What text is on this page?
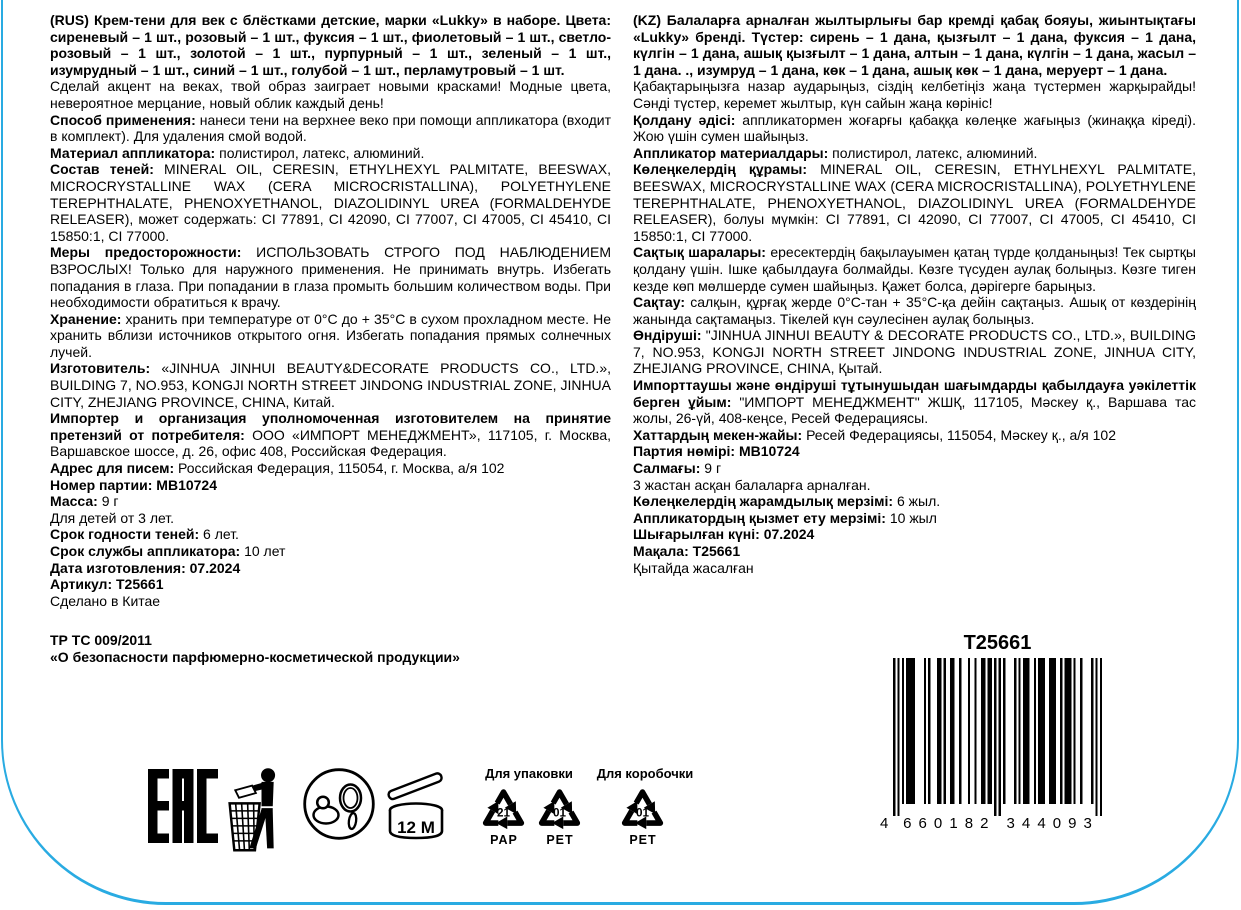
(RUS) Крем-тени для век с блёстками детские, марки «Lukky» в наборе. Цвета: сиреневый – 1 шт., розовый – 1 шт., фуксия – 1 шт., фиолетовый – 1 шт., светло-розовый – 1 шт., золотой – 1 шт., пурпурный – 1 шт., зеленый – 1 шт., изумрудный – 1 шт., синий – 1 шт., голубой – 1 шт., перламутровый – 1 шт.

Сделай акцент на веках, твой образ заиграет новыми красками! Модные цвета, невероятное мерцание, новый облик каждый день!

Способ применения: нанеси тени на верхнее веко при помощи аппликатора (входит в комплект). Для удаления смой водой.

Материал аппликатора: полистирол, латекс, алюминий.

Состав теней: MINERAL OIL, CERESIN, ETHYLHEXYL PALMITATE, BEESWAX, MICROCRYSTALLINE WAX (CERA MICROCRISTALLINA), POLYETHYLENE TEREPHTHALATE, PHENOXYETHANOL, DIAZOLIDINYL UREA (FORMALDEHYDE RELEASER), может содержать: CI 77891, CI 42090, CI 77007, CI 47005, CI 45410, CI 15850:1, CI 77000.

Меры предосторожности: ИСПОЛЬЗОВАТЬ СТРОГО ПОД НАБЛЮДЕНИЕМ ВЗРОСЛЫХ! Только для наружного применения. Не принимать внутрь. Избегать попадания в глаза. При попадании в глаза промыть большим количеством воды. При необходимости обратиться к врачу.

Хранение: хранить при температуре от 0°С до + 35°С в сухом прохладном месте. Не хранить вблизи источников открытого огня. Избегать попадания прямых солнечных лучей.

Изготовитель: «JINHUA JINHUI BEAUTY&DECORATE PRODUCTS CO., LTD.», BUILDING 7, NO.953, KONGJI NORTH STREET JINDONG INDUSTRIAL ZONE, JINHUA CITY, ZHEJIANG PROVINCE, CHINA, Китай.

Импортер и организация уполномоченная изготовителем на принятие претензий от потребителя: ООО «ИМПОРТ МЕНЕДЖМЕНТ», 117105, г. Москва, Варшавское шоссе, д. 26, офис 408, Российская Федерация.

Адрес для писем: Российская Федерация, 115054, г. Москва, а/я 102

Номер партии: MB10724

Масса: 9 г

Для детей от 3 лет.

Срок годности теней: 6 лет.

Срок службы аппликатора: 10 лет

Дата изготовления: 07.2024

Артикул: Т25661

Сделано в Китае

ТР ТС 009/2011

«О безопасности парфюмерно-косметической продукции»

(KZ) Балаларға арналған жылтырлығы бар кремді қабақ бояуы, жиынтықтағы «Lukky» бренді. Түстер: сирень – 1 дана, қызғылт – 1 дана, фуксия – 1 дана, күлгін – 1 дана, ашық қызғылт – 1 дана, алтын – 1 дана, күлгін – 1 дана, жасыл – 1 дана. ., изумруд – 1 дана, көк – 1 дана, ашық көк – 1 дана, меруерт – 1 дана.

Қабақтарыңызға назар аударыңыз, сіздің келбетіңіз жаңа түстермен жарқырайды! Сәнді түстер, керемет жылтыр, күн сайын жаңа көрініс!

Қолдану әдісі: аппликатормен жоғарғы қабаққа көлеңке жағыңыз (жинаққа кіреді). Жою үшін сумен шайыңыз.

Аппликатор материалдары: полистирол, латекс, алюминий.

Көлеңкелердің құрамы: MINERAL OIL, CERESIN, ETHYLHEXYL PALMITATE, BEESWAX, MICROCRYSTALLINE WAX (CERA MICROCRISTALLINA), POLYETHYLENE TEREPHTHALATE, PHENOXYETHANOL, DIAZOLIDINYL UREA (FORMALDEHYDE RELEASER), болуы мүмкін: CI 77891, CI 42090, CI 77007, CI 47005, CI 45410, CI 15850:1, CI 77000.

Сақтық шаралары: ересектердің бақылауымен қатаң түрде қолданыңыз! Тек сыртқы қолдану үшін. Ішке қабылдауға болмайды. Көзге түсуден аулақ болыңыз. Көзге тиген кезде көп мөлшерде сумен шайыңыз. Қажет болса, дәрігерге барыңыз.

Сақтау: салқын, құрғақ жерде 0°С-тан + 35°С-қа дейін сақтаңыз. Ашық от көздерінің жанында сақтамаңыз. Тікелей күн сәулесінен аулақ болыңыз.

Өндіруші: "JINHUA JINHUI BEAUTY & DECORATE PRODUCTS CO., LTD.», BUILDING 7, NO.953, KONGJI NORTH STREET JINDONG INDUSTRIAL ZONE, JINHUA CITY, ZHEJIANG PROVINCE, CHINA, Қытай.

Импорттаушы және өндіруші тұтынушыдан шағымдарды қабылдауға уәкілеттік берген ұйым: "ИМПОРТ МЕНЕДЖМЕНТ" ЖШҚ, 117105, Мәскеу қ., Варшава тас жолы, 26-үй, 408-кеңсе, Ресей Федерациясы.

Хаттардың мекен-жайы: Ресей Федерациясы, 115054, Мәскеу қ., а/я 102

Партия нөмірі: MB10724

Салмағы: 9 г

3 жастан асқан балаларға арналған.

Көлеңкелердің жарамдылық мерзімі: 6 жыл.

Аппликатордың қызмет ету мерзімі: 10 жыл

Шығарылған күні: 07.2024

Мақала: Т25661

Қытайда жасалған

12 M
Для упаковки	Для коробочки
21
PAP
01
PET
01
PET
T25661
4 6 6 0 1 8 2 3 4 4 0 9 3
